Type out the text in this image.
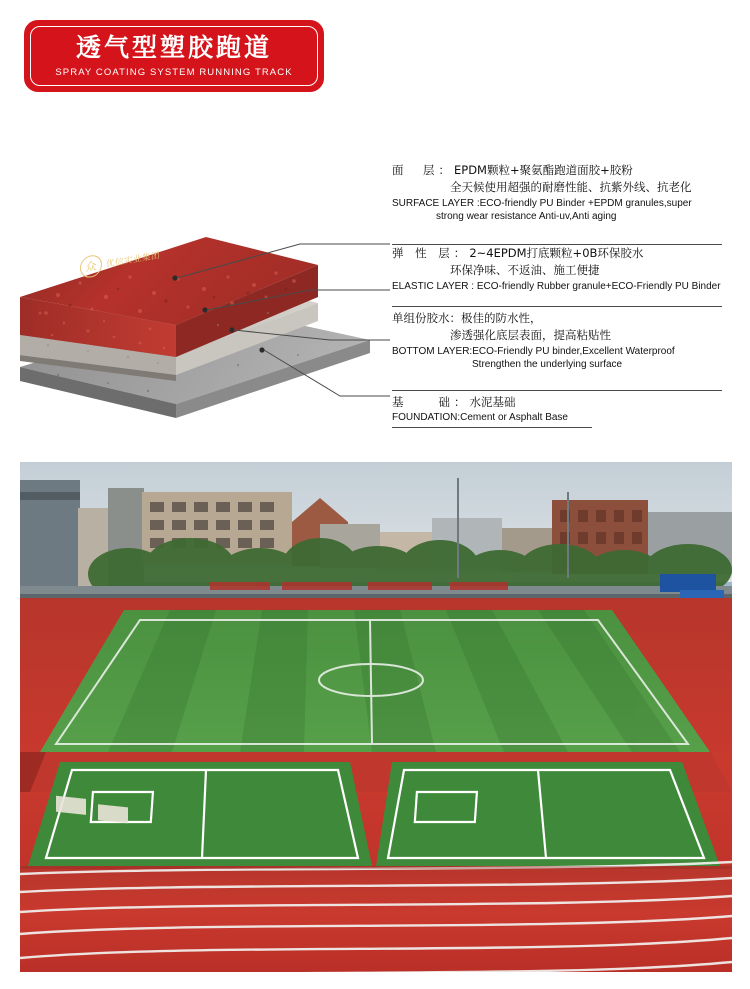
透气型塑胶跑道
SPRAY COATING SYSTEM RUNNING TRACK
众	优信实业集团
面　层：EPDM颗粒+聚氨酯跑道面胶+胶粉
全天候使用超强的耐磨性能、抗紫外线、抗老化
SURFACE LAYER :ECO-friendly PU Binder +EPDM granules,super
strong wear resistance Anti-uv,Anti aging
弹 性 层：2~4EPDM打底颗粒+0B环保胶水
环保净味、不返油、施工便捷
ELASTIC LAYER : ECO-friendly Rubber granule+ECO-Friendly PU Binder
单组份胶水：极佳的防水性，
渗透强化底层表面，提高粘贴性
BOTTOM LAYER:ECO-Friendly PU binder,Excellent Waterproof
Strengthen the underlying surface
基　　础：水泥基础
FOUNDATION:Cement or Asphalt Base
